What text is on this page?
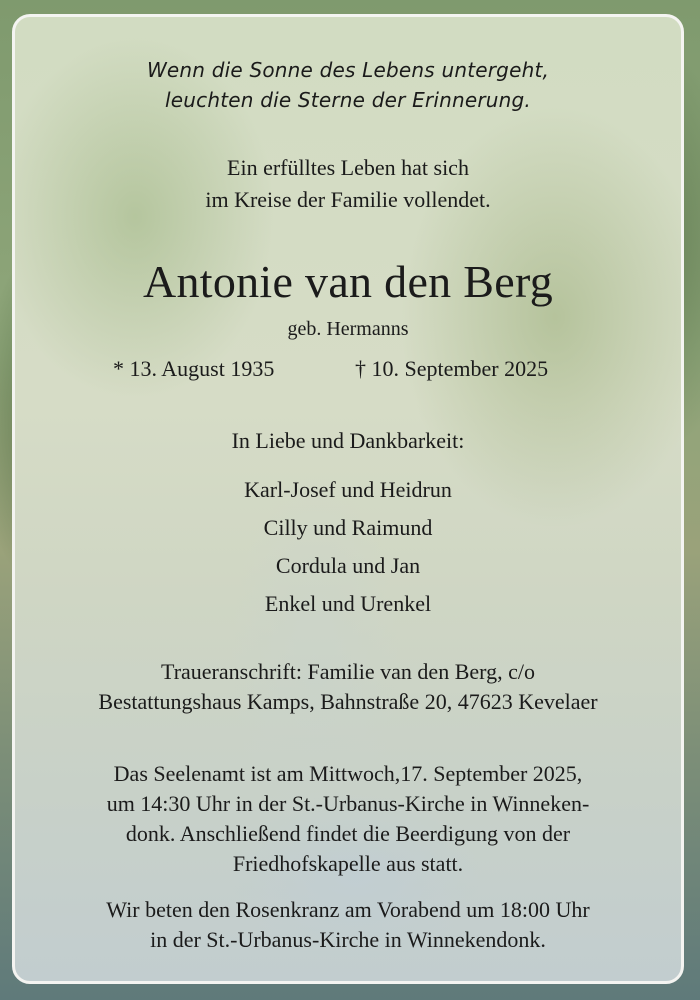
Wenn die Sonne des Lebens untergeht,

leuchten die Sterne der Erinnerung.

Ein erfülltes Leben hat sich

im Kreise der Familie vollendet.

Antonie van den Berg

geb. Hermanns

* 13. August 1935	† 10. September 2025

In Liebe und Dankbarkeit:

Karl-Josef und Heidrun

Cilly und Raimund

Cordula und Jan

Enkel und Urenkel

Traueranschrift: Familie van den Berg, c/o

Bestattungshaus Kamps, Bahnstraße 20, 47623 Kevelaer

Das Seelenamt ist am Mittwoch,17. September 2025,

um 14:30 Uhr in der St.-Urbanus-Kirche in Winneken-

donk. Anschließend findet die Beerdigung von der

Friedhofskapelle aus statt.

Wir beten den Rosenkranz am Vorabend um 18:00 Uhr

in der St.-Urbanus-Kirche in Winnekendonk.
